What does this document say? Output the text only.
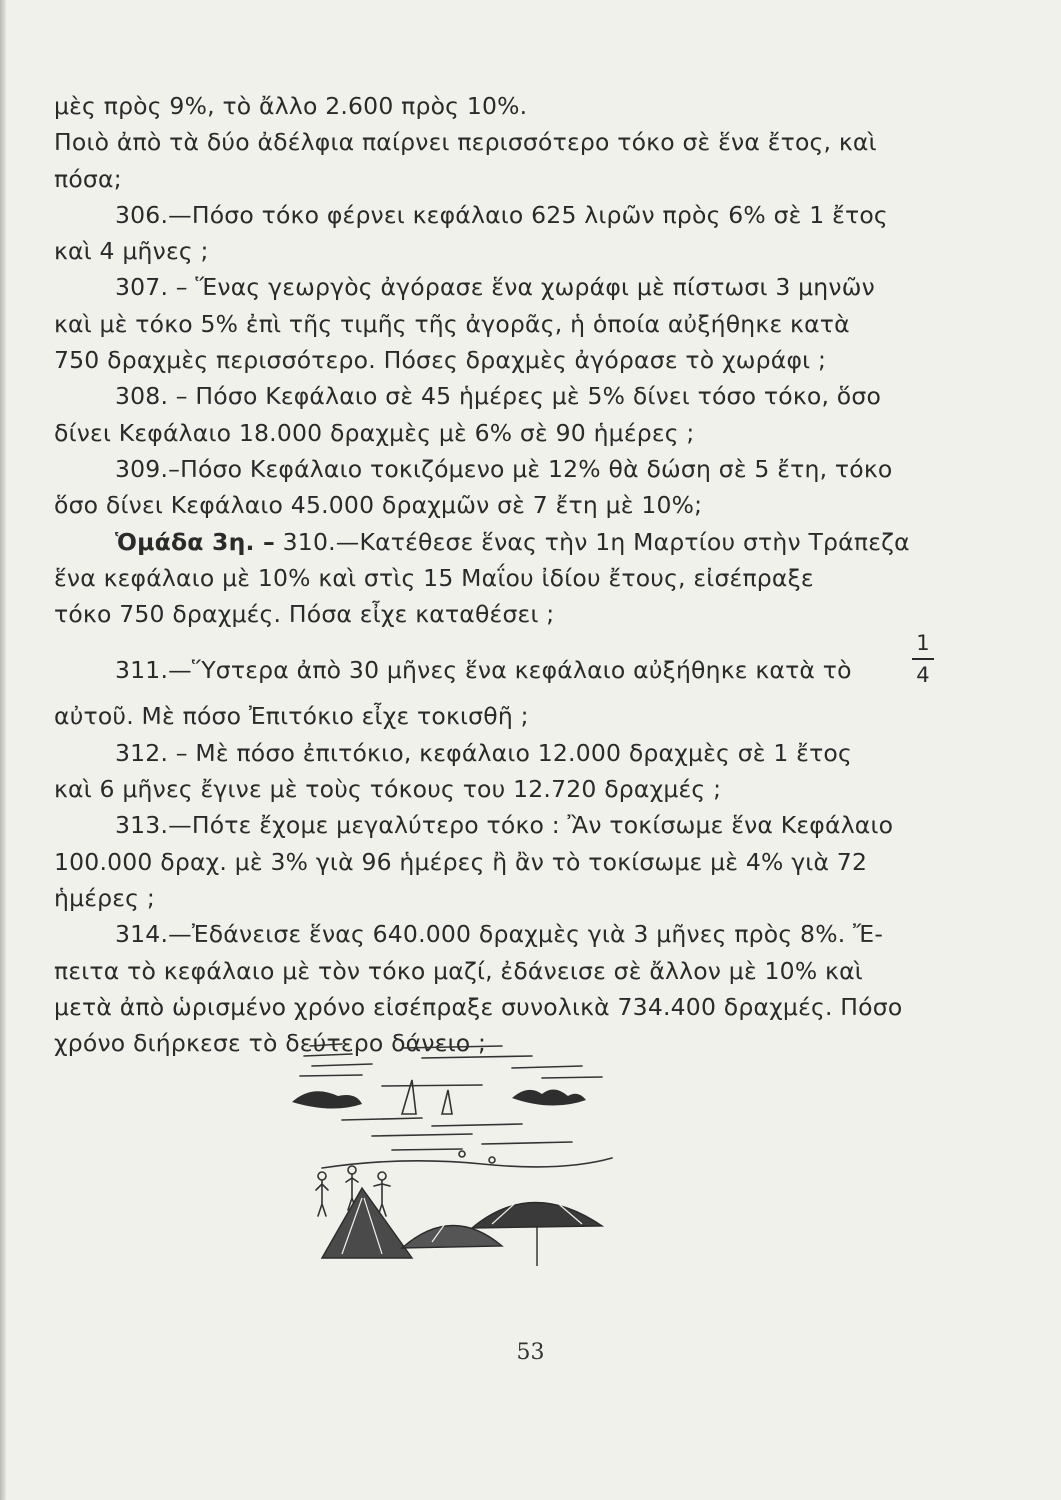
μὲς πρὸς 9%, τὸ ἄλλο 2.600 πρὸς 10%.
Ποιὸ ἀπὸ τὰ δύο ἀδέλφια παίρνει περισσότερο τόκο σὲ ἕνα ἔτος, καὶ
πόσα;
306.—Πόσο τόκο φέρνει κεφάλαιο 625 λιρῶν πρὸς 6% σὲ 1 ἔτος
καὶ 4 μῆνες ;
307. – Ἕνας γεωργὸς ἀγόρασε ἕνα χωράφι μὲ πίστωσι 3 μηνῶν
καὶ μὲ τόκο 5% ἐπὶ τῆς τιμῆς τῆς ἀγορᾶς, ἡ ὁποία αὐξήθηκε κατὰ
750 δραχμὲς περισσότερο. Πόσες δραχμὲς ἀγόρασε τὸ χωράφι ;
308. – Πόσο Κεφάλαιο σὲ 45 ἡμέρες μὲ 5% δίνει τόσο τόκο, ὅσο
δίνει Κεφάλαιο 18.000 δραχμὲς μὲ 6% σὲ 90 ἡμέρες ;
309.–Πόσο Κεφάλαιο τοκιζόμενο μὲ 12% θὰ δώση σὲ 5 ἔτη, τόκο
ὅσο δίνει Κεφάλαιο 45.000 δραχμῶν σὲ 7 ἔτη μὲ 10%;
Ὁμάδα 3η. – 310.—Κατέθεσε ἕνας τὴν 1η Μαρτίου στὴν Τράπεζα
ἕνα κεφάλαιο μὲ 10% καὶ στὶς 15 Μαΐου ἰδίου ἔτους, εἰσέπραξε
τόκο 750 δραχμές. Πόσα εἶχε καταθέσει ;
311.—Ὕστερα ἀπὸ 30 μῆνες ἕνα κεφάλαιο αὐξήθηκε κατὰ τὸ
1
4
αὐτοῦ. Μὲ πόσο Ἐπιτόκιο εἶχε τοκισθῆ ;
312. – Μὲ πόσο ἐπιτόκιο, κεφάλαιο 12.000 δραχμὲς σὲ 1 ἔτος
καὶ 6 μῆνες ἔγινε μὲ τοὺς τόκους του 12.720 δραχμές ;
313.—Πότε ἔχομε μεγαλύτερο τόκο : Ἂν τοκίσωμε ἕνα Κεφάλαιο
100.000 δραχ. μὲ 3% γιὰ 96 ἡμέρες ἢ ἂν τὸ τοκίσωμε μὲ 4% γιὰ 72
ἡμέρες ;
314.—Ἐδάνεισε ἕνας 640.000 δραχμὲς γιὰ 3 μῆνες πρὸς 8%. Ἔ-
πειτα τὸ κεφάλαιο μὲ τὸν τόκο μαζί, ἐδάνεισε σὲ ἄλλον μὲ 10% καὶ
μετὰ ἀπὸ ὡρισμένο χρόνο εἰσέπραξε συνολικὰ 734.400 δραχμές. Πόσο
χρόνο διήρκεσε τὸ δεύτερο δάνειο ;
53
